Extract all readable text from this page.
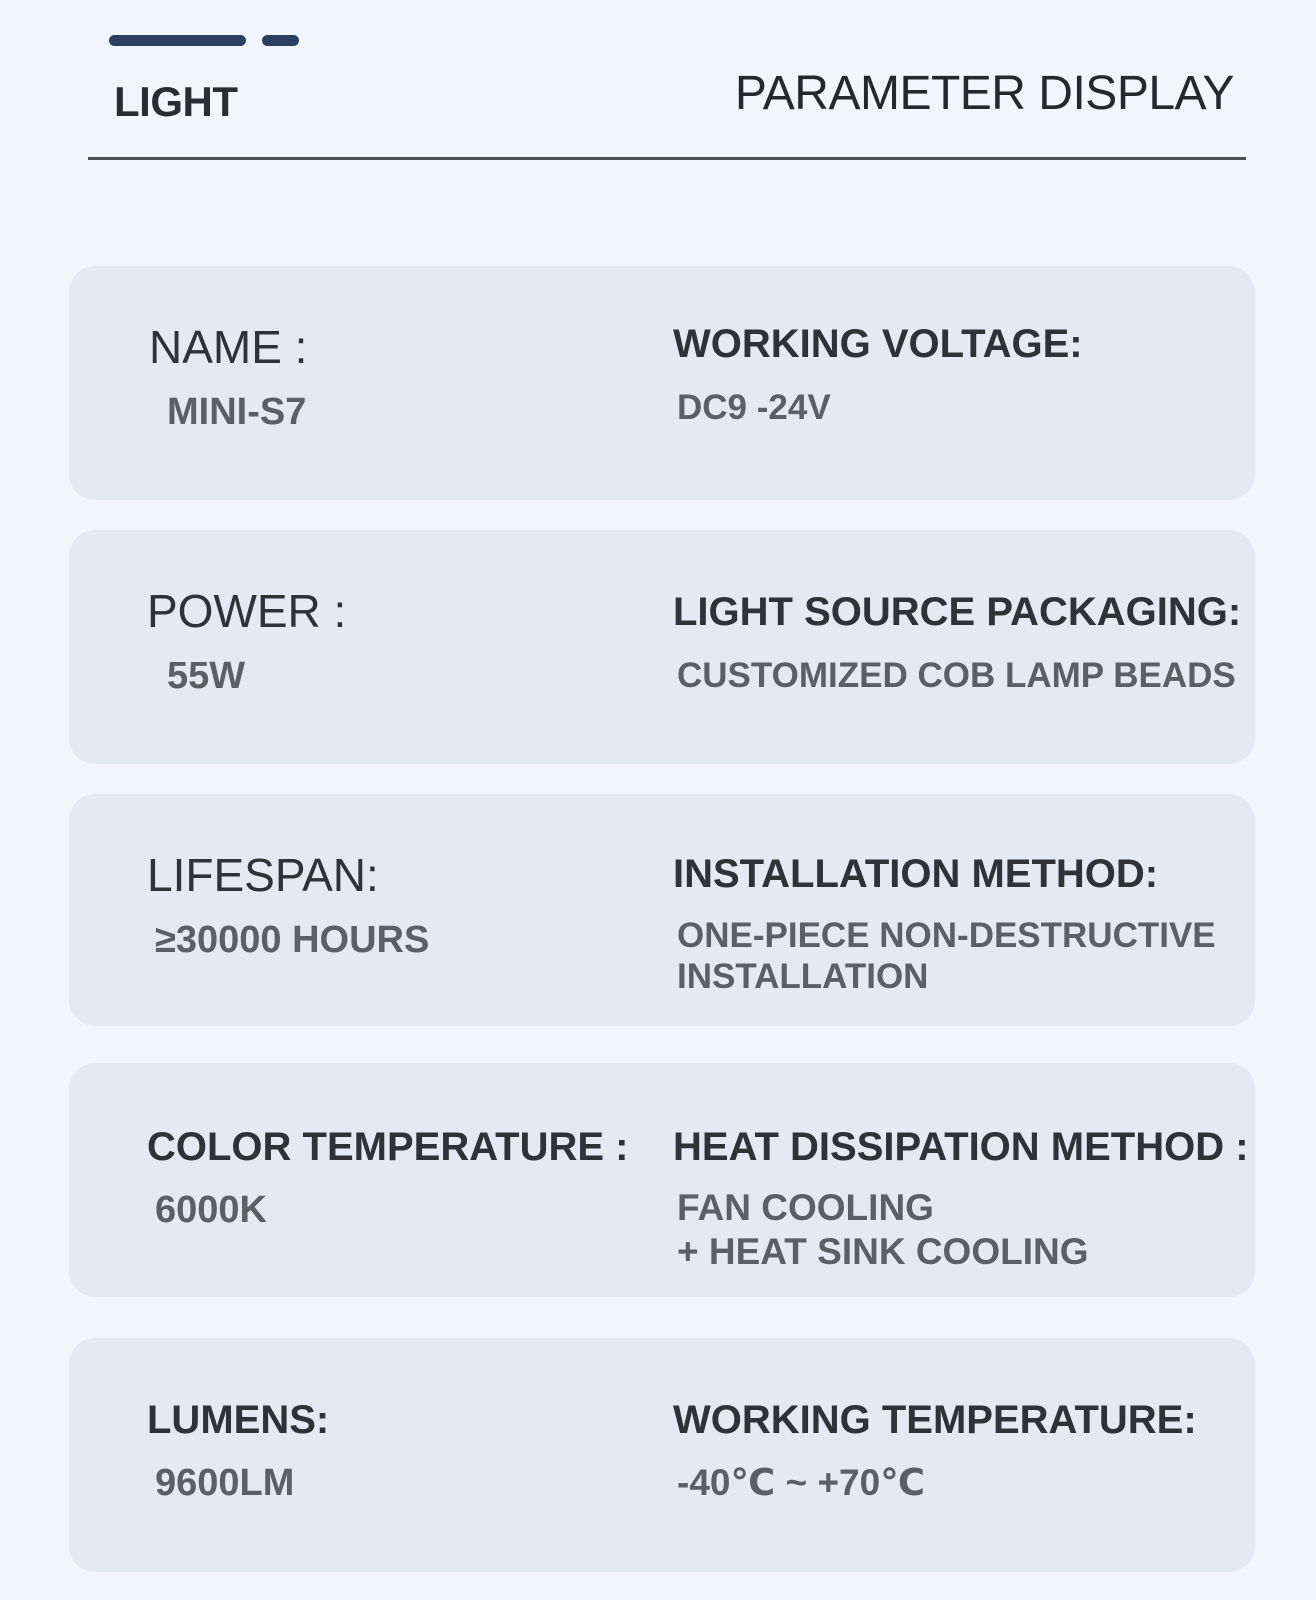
LIGHT	PARAMETER DISPLAY
NAME :
MINI-S7
WORKING VOLTAGE:
DC9 -24V
POWER :
55W
LIGHT SOURCE PACKAGING:
CUSTOMIZED COB LAMP BEADS
LIFESPAN:
≥30000 HOURS
INSTALLATION METHOD:
ONE-PIECE NON-DESTRUCTIVE
INSTALLATION
COLOR TEMPERATURE :
6000K
HEAT DISSIPATION METHOD :
FAN COOLING
+ HEAT SINK COOLING
LUMENS:
9600LM
WORKING TEMPERATURE:
-40℃ ~ +70℃
